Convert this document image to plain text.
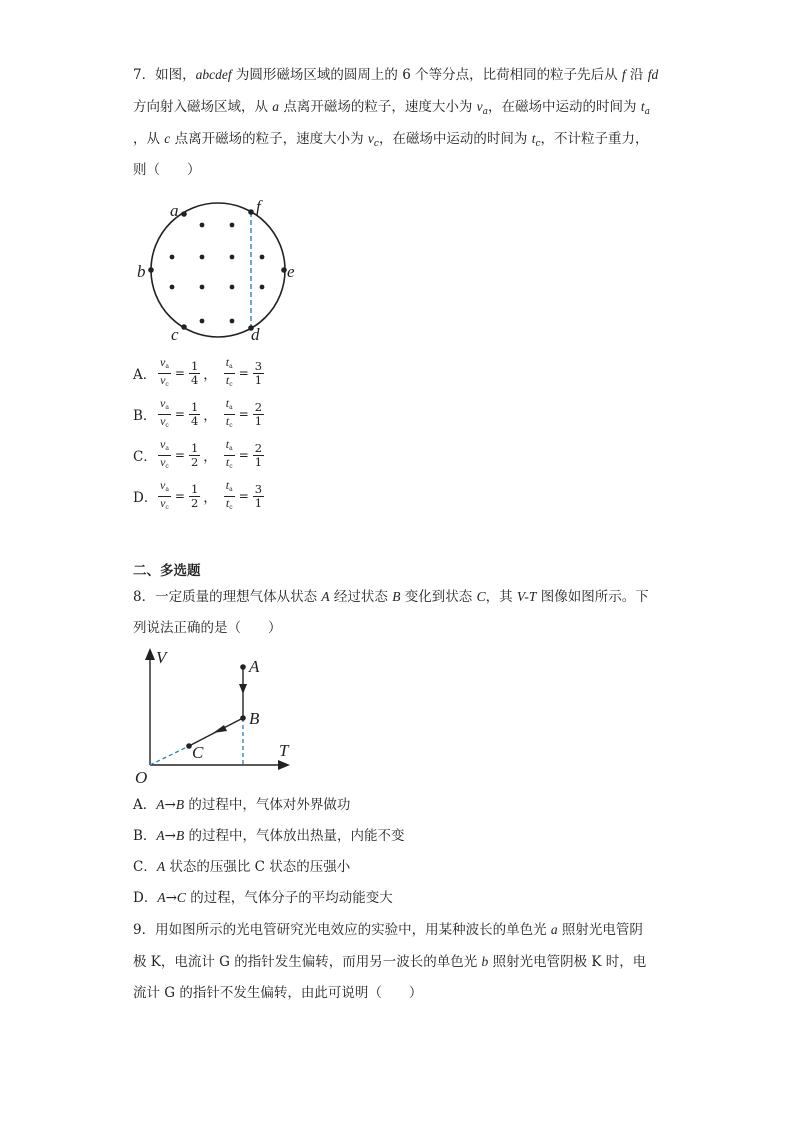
7．如图，abcdef 为圆形磁场区域的圆周上的 6 个等分点，比荷相同的粒子先后从 f 沿 fd
方向射入磁场区域，从 a 点离开磁场的粒子，速度大小为 $v_a$，在磁场中运动的时间为 $t_a$
，从 c 点离开磁场的粒子，速度大小为 $v_c$，在磁场中运动的时间为 $t_c$，不计粒子重力，
则（　　）
a
b
c	d
e
f
A． $\frac{va}{vc} = \frac{1}{4}$ ， $\frac{ta}{tc} = \frac{3}{1}$
B． $\frac{va}{vc} = \frac{1}{4}$ ， $\frac{ta}{tc} = \frac{2}{1}$
C． $\frac{va}{vc} = \frac{1}{2}$ ， $\frac{ta}{tc} = \frac{2}{1}$
D． $\frac{va}{vc} = \frac{1}{2}$ ， $\frac{ta}{tc} = \frac{3}{1}$
二、多选题
8．一定质量的理想气体从状态 A 经过状态 B 变化到状态 C，其 V-T 图像如图所示。下
列说法正确的是（　　）
V
T
O
A
B
C
A．A→B 的过程中，气体对外界做功
B．A→B 的过程中，气体放出热量，内能不变
C．A 状态的压强比 C 状态的压强小
D．A→C 的过程，气体分子的平均动能变大
9．用如图所示的光电管研究光电效应的实验中，用某种波长的单色光 a 照射光电管阴
极 K，电流计 G 的指针发生偏转，而用另一波长的单色光 b 照射光电管阴极 K 时，电
流计 G 的指针不发生偏转，由此可说明（　　）
